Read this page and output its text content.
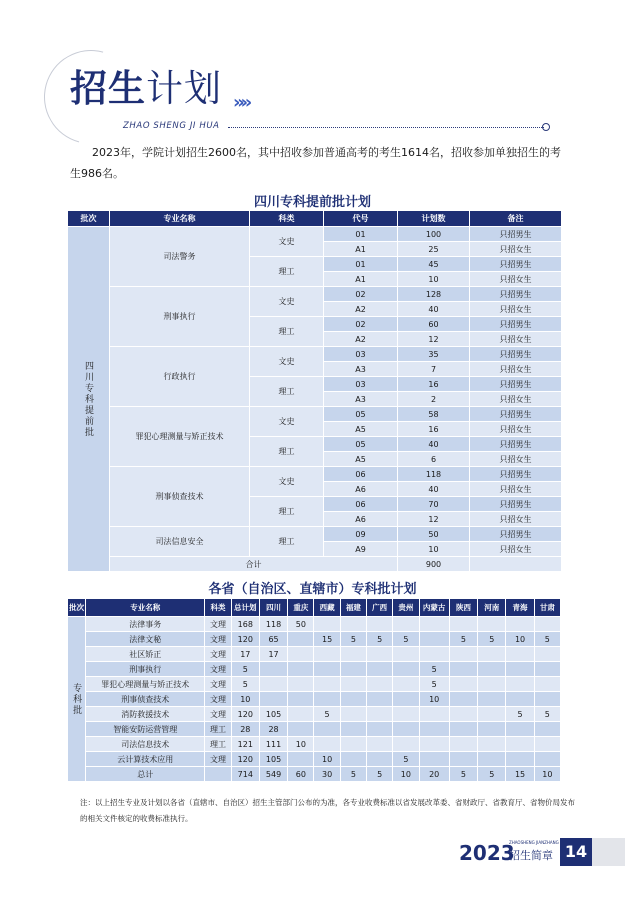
招生计划 »»
ZHAO SHENG JI HUA
2023年，学院计划招生2600名，其中招收参加普通高考的考生1614名，招收参加单独招生的考生986名。
四川专科提前批计划
批次	专业名称	科类	代号	计划数	备注
四川专科提前批	司法警务	文史	01	100	只招男生
			A1	25	只招女生
		理工	01	45	只招男生
			A1	10	只招女生
	刑事执行	文史	02	128	只招男生
			A2	40	只招女生
		理工	02	60	只招男生
			A2	12	只招女生
	行政执行	文史	03	35	只招男生
			A3	7	只招女生
		理工	03	16	只招男生
			A3	2	只招女生
	罪犯心理测量与矫正技术	文史	05	58	只招男生
			A5	16	只招女生
		理工	05	40	只招男生
			A5	6	只招女生
	刑事侦查技术	文史	06	118	只招男生
			A6	40	只招女生
		理工	06	70	只招男生
			A6	12	只招女生
	司法信息安全	理工	09	50	只招男生
			A9	10	只招女生
	合计			900	
各省（自治区、直辖市）专科批计划
批次	专业名称	科类	总计划	四川	重庆	西藏	福建	广西	贵州	内蒙古	陕西	河南	青海	甘肃
专科批	法律事务	文理	168	118	50									
	法律文秘	文理	120	65		15	5	5	5		5	5	10	5
	社区矫正	文理	17	17										
	刑事执行	文理	5							5				
	罪犯心理测量与矫正技术	文理	5							5				
	刑事侦查技术	文理	10							10				
	消防救援技术	文理	120	105		5							5	5
	智能安防运营管理	理工	28	28										
	司法信息技术	理工	121	111	10									
	云计算技术应用	文理	120	105		10			5					
	总计		714	549	60	30	5	5	10	20	5	5	15	10
注：以上招生专业及计划以各省（直辖市、自治区）招生主管部门公布的为准，各专业收费标准以省发展改革委、省财政厅、省教育厅、省物价局发布的相关文件核定的收费标准执行。
2023
ZHAOSHENG JIANZHANG
招生简章 14
